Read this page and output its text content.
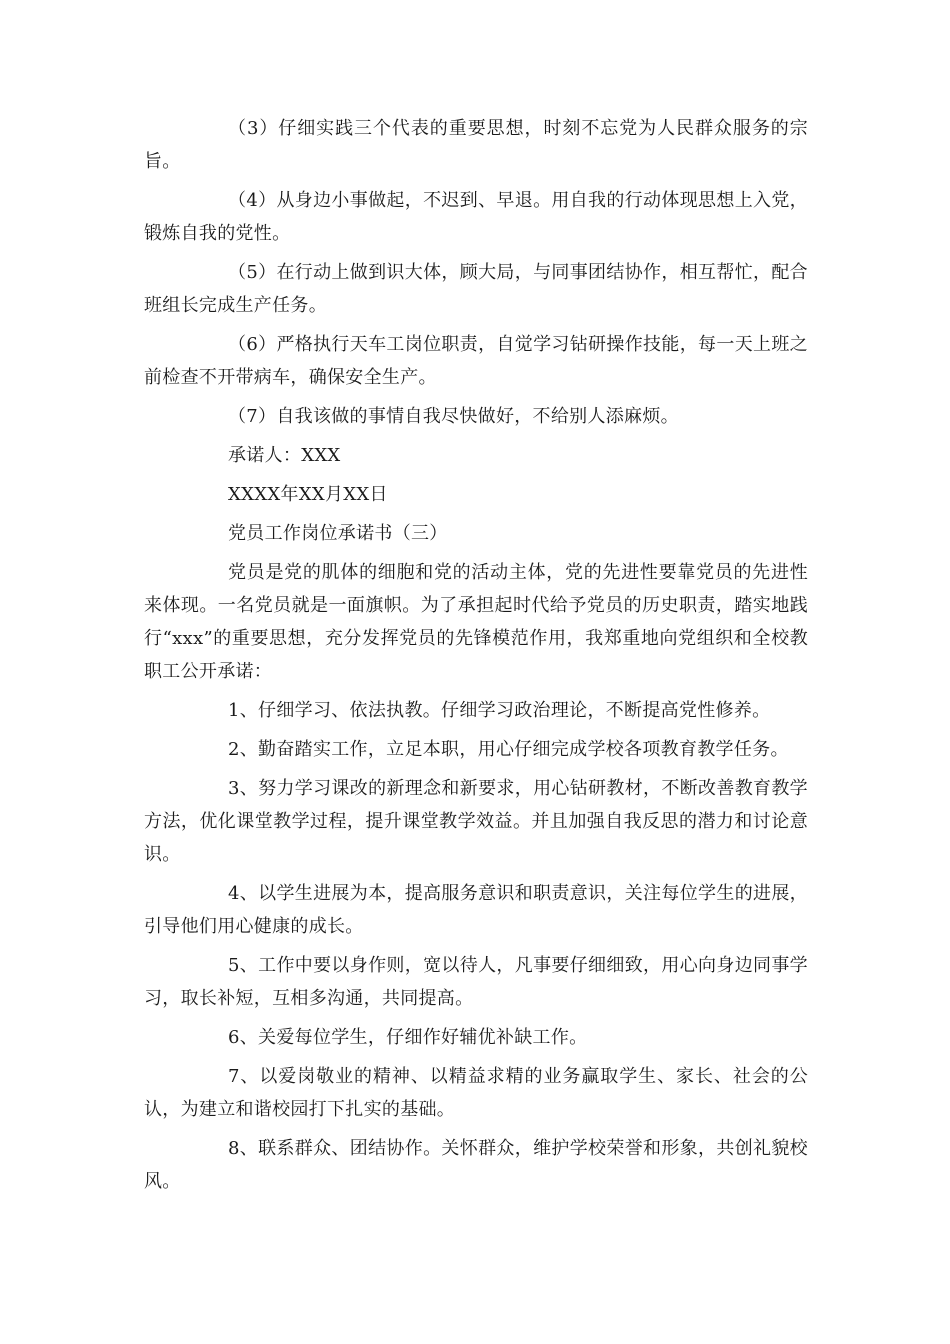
（3）仔细实践三个代表的重要思想，时刻不忘党为人民群众服务的宗旨。

（4）从身边小事做起，不迟到、早退。用自我的行动体现思想上入党，锻炼自我的党性。

（5）在行动上做到识大体，顾大局，与同事团结协作，相互帮忙，配合班组长完成生产任务。

（6）严格执行天车工岗位职责，自觉学习钻研操作技能，每一天上班之前检查不开带病车，确保安全生产。

（7）自我该做的事情自我尽快做好，不给别人添麻烦。

承诺人：XXX

XXXX年XX月XX日

党员工作岗位承诺书（三）

党员是党的肌体的细胞和党的活动主体，党的先进性要靠党员的先进性来体现。一名党员就是一面旗帜。为了承担起时代给予党员的历史职责，踏实地践行“xxx”的重要思想，充分发挥党员的先锋模范作用，我郑重地向党组织和全校教职工公开承诺：

1、仔细学习、依法执教。仔细学习政治理论，不断提高党性修养。

2、勤奋踏实工作，立足本职，用心仔细完成学校各项教育教学任务。

3、努力学习课改的新理念和新要求，用心钻研教材，不断改善教育教学方法，优化课堂教学过程，提升课堂教学效益。并且加强自我反思的潜力和讨论意识。

4、以学生进展为本，提高服务意识和职责意识，关注每位学生的进展，引导他们用心健康的成长。

5、工作中要以身作则，宽以待人，凡事要仔细细致，用心向身边同事学习，取长补短，互相多沟通，共同提高。

6、关爱每位学生，仔细作好辅优补缺工作。

7、以爱岗敬业的精神、以精益求精的业务赢取学生、家长、社会的公认，为建立和谐校园打下扎实的基础。

8、联系群众、团结协作。关怀群众，维护学校荣誉和形象，共创礼貌校风。
